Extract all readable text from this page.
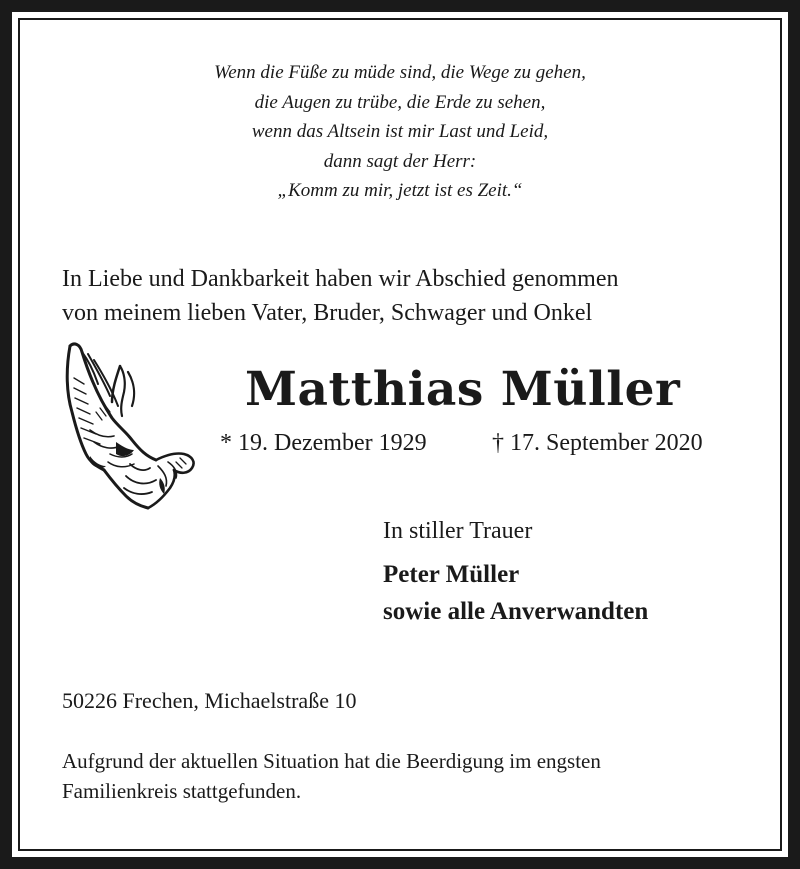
Wenn die Füße zu müde sind, die Wege zu gehen,
die Augen zu trübe, die Erde zu sehen,
wenn das Altsein ist mir Last und Leid,
dann sagt der Herr:
„Komm zu mir, jetzt ist es Zeit.“
In Liebe und Dankbarkeit haben wir Abschied genommen
von meinem lieben Vater, Bruder, Schwager und Onkel
Matthias Müller
* 19. Dezember 1929	† 17. September 2020
In stiller Trauer
Peter Müller
sowie alle Anverwandten
50226 Frechen, Michaelstraße 10
Aufgrund der aktuellen Situation hat die Beerdigung im engsten
Familienkreis stattgefunden.
